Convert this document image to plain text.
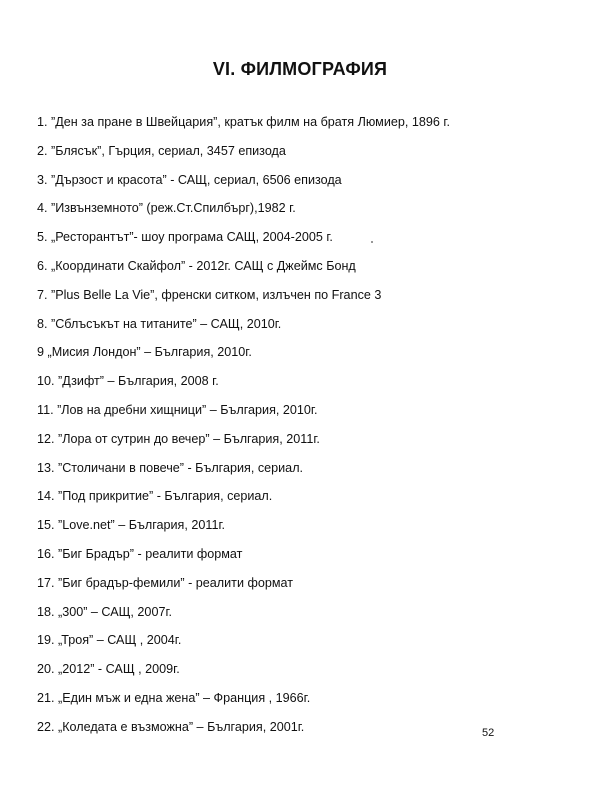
VI. ФИЛМОГРАФИЯ
1. ”Ден за пране в Швейцария”, кратък филм на братя Люмиер, 1896 г.
2. ”Блясък”, Гърция, сериал, 3457 епизода
3. ”Дързост и красота” - САЩ, сериал, 6506 епизода
4. ”Извънземното” (реж.Ст.Спилбърг),1982 г.
5. „Ресторантът”- шоу програма САЩ, 2004-2005 г.
6. „Координати Скайфол” - 2012г. САЩ с Джеймс Бонд
7. ”Plus Belle La Vie”, френски ситком, излъчен по France 3
8. ”Сблъсъкът на титаните” – САЩ, 2010г.
9 „Мисия Лондон” – България, 2010г.
10. ”Дзифт” – България, 2008 г.
11. ”Лов на дребни хищници” – България, 2010г.
12. ”Лора от сутрин до вечер” – България, 2011г.
13. ”Столичани в повече” - България, сериал.
14. ”Под прикритие” - България, сериал.
15. ”Love.net” – България, 2011г.
16. ”Биг Брадър” - реалити формат
17. ”Биг брадър-фемили” - реалити формат
18. „300” – САЩ, 2007г.
19. „Троя” – САЩ , 2004г.
20. „2012” - САЩ , 2009г.
21. „Един мъж и една жена” – Франция , 1966г.
22. „Коледата е възможна” – България, 2001г.	52
